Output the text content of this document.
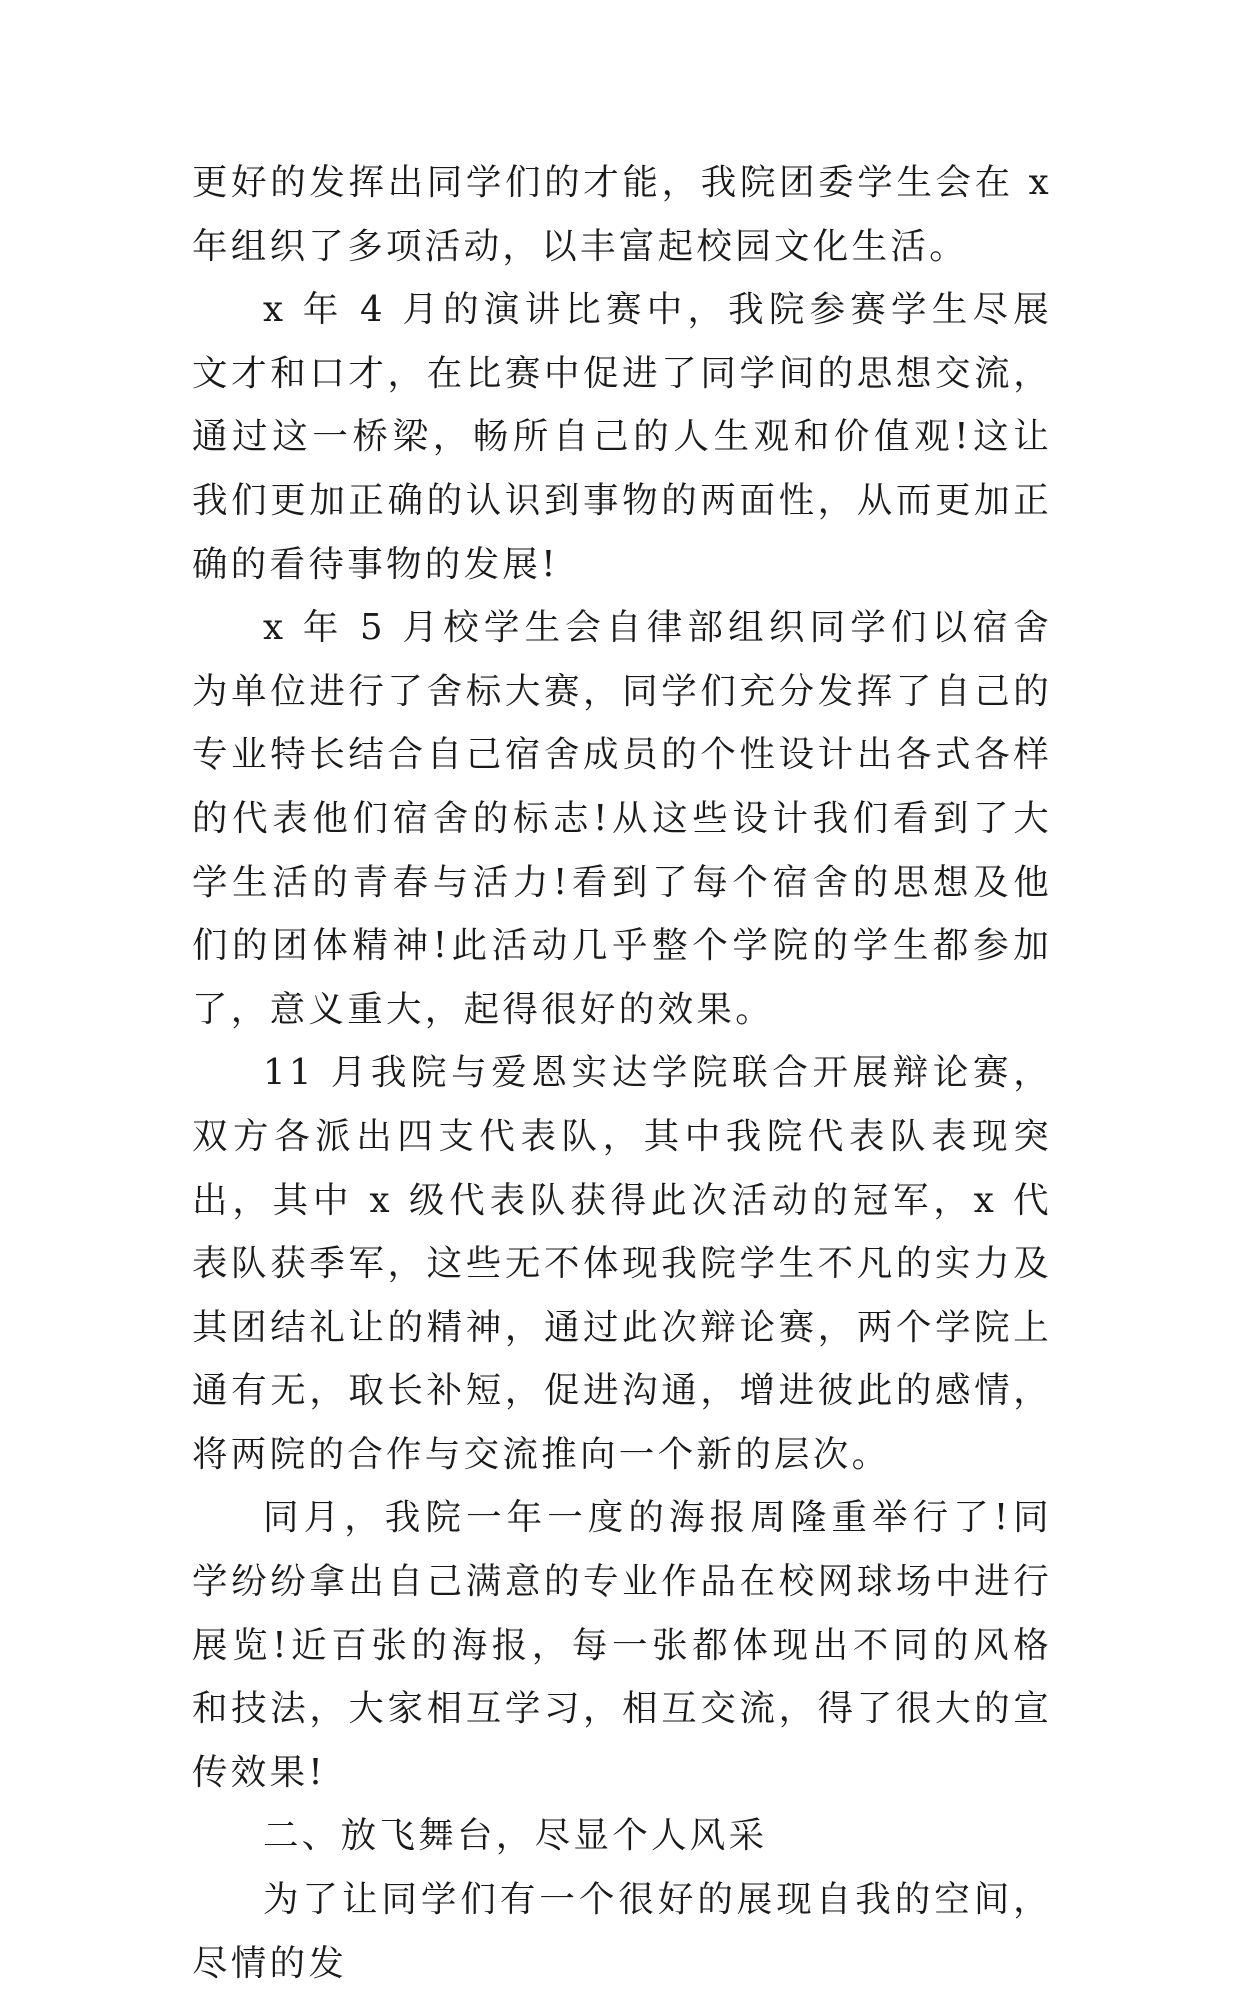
更好的发挥出同学们的才能，我院团委学生会在 x 年组织了多项活动，以丰富起校园文化生活。

x 年 4 月的演讲比赛中，我院参赛学生尽展文才和口才，在比赛中促进了同学间的思想交流，通过这一桥梁，畅所自己的人生观和价值观!这让我们更加正确的认识到事物的两面性，从而更加正确的看待事物的发展!

x 年 5 月校学生会自律部组织同学们以宿舍为单位进行了舍标大赛，同学们充分发挥了自己的专业特长结合自己宿舍成员的个性设计出各式各样的代表他们宿舍的标志!从这些设计我们看到了大学生活的青春与活力!看到了每个宿舍的思想及他们的团体精神!此活动几乎整个学院的学生都参加了，意义重大，起得很好的效果。

11 月我院与爱恩实达学院联合开展辩论赛，双方各派出四支代表队，其中我院代表队表现突出，其中 x 级代表队获得此次活动的冠军，x 代表队获季军，这些无不体现我院学生不凡的实力及其团结礼让的精神，通过此次辩论赛，两个学院上通有无，取长补短，促进沟通，增进彼此的感情，将两院的合作与交流推向一个新的层次。

同月，我院一年一度的海报周隆重举行了!同学纷纷拿出自己满意的专业作品在校网球场中进行展览!近百张的海报，每一张都体现出不同的风格和技法，大家相互学习，相互交流，得了很大的宣传效果!

二、放飞舞台，尽显个人风采

为了让同学们有一个很好的展现自我的空间，尽情的发
